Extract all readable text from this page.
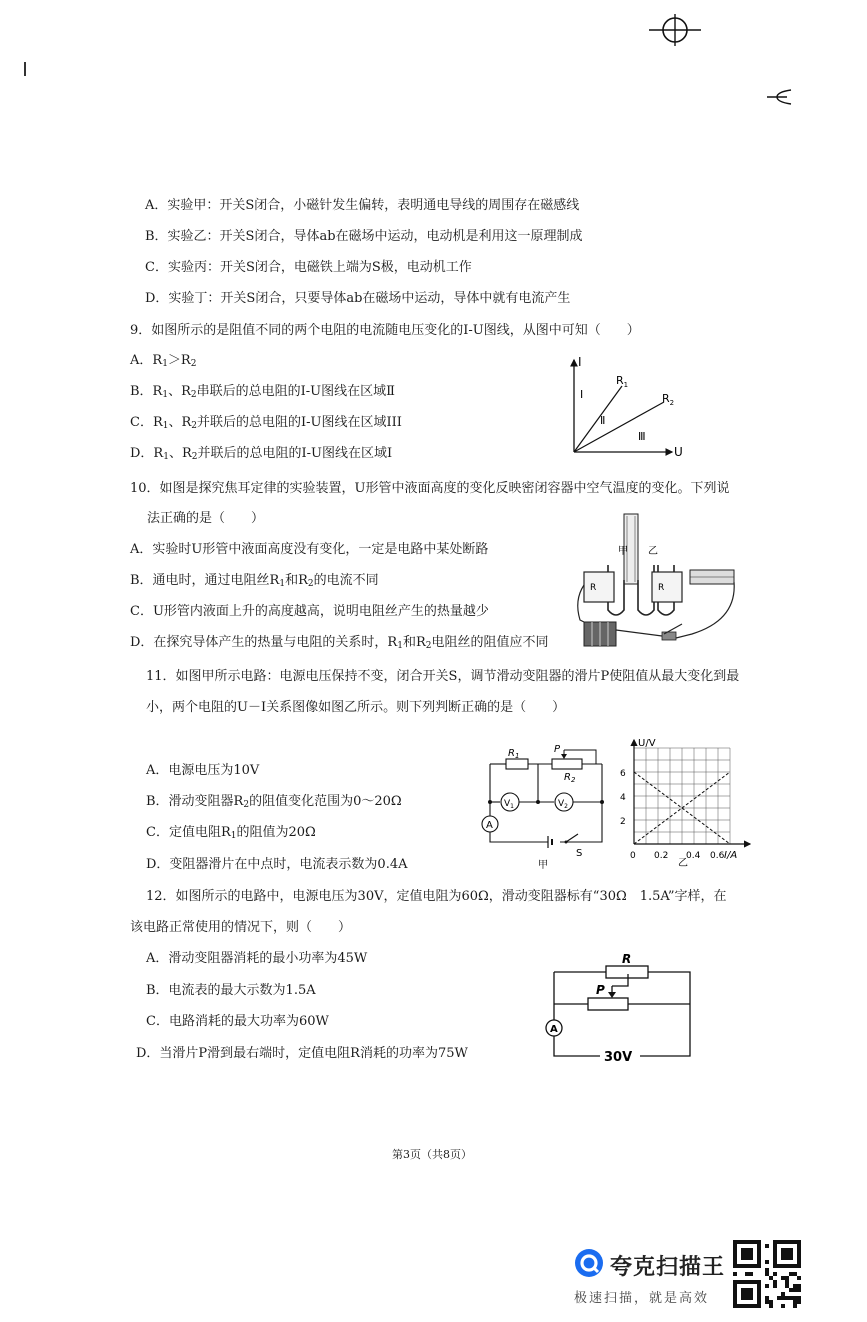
A．实验甲：开关S闭合，小磁针发生偏转，表明通电导线的周围存在磁感线
B．实验乙：开关S闭合，导体ab在磁场中运动，电动机是利用这一原理制成
C．实验丙：开关S闭合，电磁铁上端为S极，电动机工作
D．实验丁：开关S闭合，只要导体ab在磁场中运动，导体中就有电流产生
9．如图所示的是阻值不同的两个电阻的电流随电压变化的I-U图线，从图中可知（　　）
A．$R_1>R_2$
B．$R_1$、$R_2$串联后的总电阻的I-U图线在区域Ⅱ
C．$R_1$、$R_2$并联后的总电阻的I-U图线在区域III
D．$R_1$、$R_2$并联后的总电阻的I-U图线在区域Ⅰ
I
U
$R_1$
$R_2$
Ⅰ
Ⅱ
Ⅲ
10．如图是探究焦耳定律的实验装置，U形管中液面高度的变化反映密闭容器中空气温度的变化。下列说
法正确的是（　　）
A．实验时U形管中液面高度没有变化，一定是电路中某处断路
B．通电时，通过电阻丝$R_1$和$R_2$的电流不同
C．U形管内液面上升的高度越高，说明电阻丝产生的热量越少
D．在探究导体产生的热量与电阻的关系时，$R_1$和$R_2$电阻丝的阻值应不同
R	R
甲 乙
11．如图甲所示电路：电源电压保持不变，闭合开关S，调节滑动变阻器的滑片P使阻值从最大变化到最
小，两个电阻的U－I关系图像如图乙所示。则下列判断正确的是（　　）
A．电源电压为10V
B．滑动变阻器$R_2$的阻值变化范围为0～20Ω
C．定值电阻$R_1$的阻值为20Ω
D．变阻器滑片在中点时，电流表示数为0.4A
$R_1$
P
$R_2$
$V_1$	$V_2$
A
S
甲
U/V
I/A
6
4
2
0 0.2 0.4 0.6
乙
12．如图所示的电路中，电源电压为30V，定值电阻为60Ω，滑动变阻器标有“30Ω　1.5A”字样，在
该电路正常使用的情况下，则（　　）
A．滑动变阻器消耗的最小功率为45W
B．电流表的最大示数为1.5A
C．电路消耗的最大功率为60W
D．当滑片P滑到最右端时，定值电阻R消耗的功率为75W
R
P
A
30V
第3页（共8页）
夸克扫描王
极速扫描，就是高效
